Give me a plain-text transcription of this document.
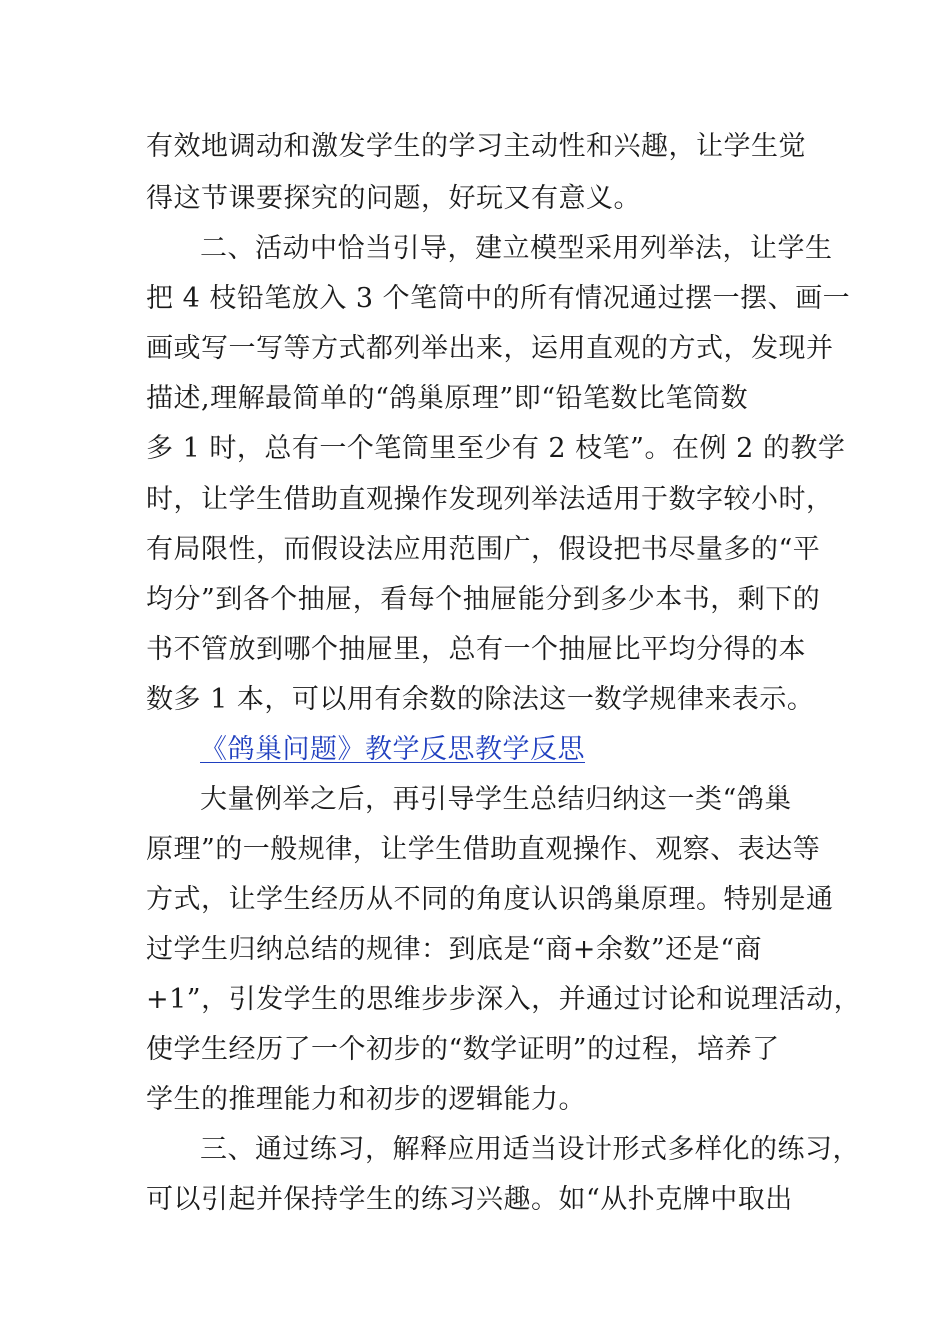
有效地调动和激发学生的学习主动性和兴趣，让学生觉
得这节课要探究的问题，好玩又有意义。
二、活动中恰当引导，建立模型采用列举法，让学生
把 4 枝铅笔放入 3 个笔筒中的所有情况通过摆一摆、画一
画或写一写等方式都列举出来，运用直观的方式，发现并
描述,理解最简单的“鸽巢原理”即“铅笔数比笔筒数
多 1 时，总有一个笔筒里至少有 2 枝笔”。在例 2 的教学
时，让学生借助直观操作发现列举法适用于数字较小时，
有局限性，而假设法应用范围广，假设把书尽量多的“平
均分”到各个抽屉，看每个抽屉能分到多少本书，剩下的
书不管放到哪个抽屉里，总有一个抽屉比平均分得的本
数多 1 本，可以用有余数的除法这一数学规律来表示。
《鸽巢问题》教学反思教学反思
大量例举之后，再引导学生总结归纳这一类“鸽巢
原理”的一般规律，让学生借助直观操作、观察、表达等
方式，让学生经历从不同的角度认识鸽巢原理。特别是通
过学生归纳总结的规律：到底是“商+余数”还是“商
+1”，引发学生的思维步步深入，并通过讨论和说理活动，
使学生经历了一个初步的“数学证明”的过程，培养了
学生的推理能力和初步的逻辑能力。
三、通过练习，解释应用适当设计形式多样化的练习，
可以引起并保持学生的练习兴趣。如“从扑克牌中取出
